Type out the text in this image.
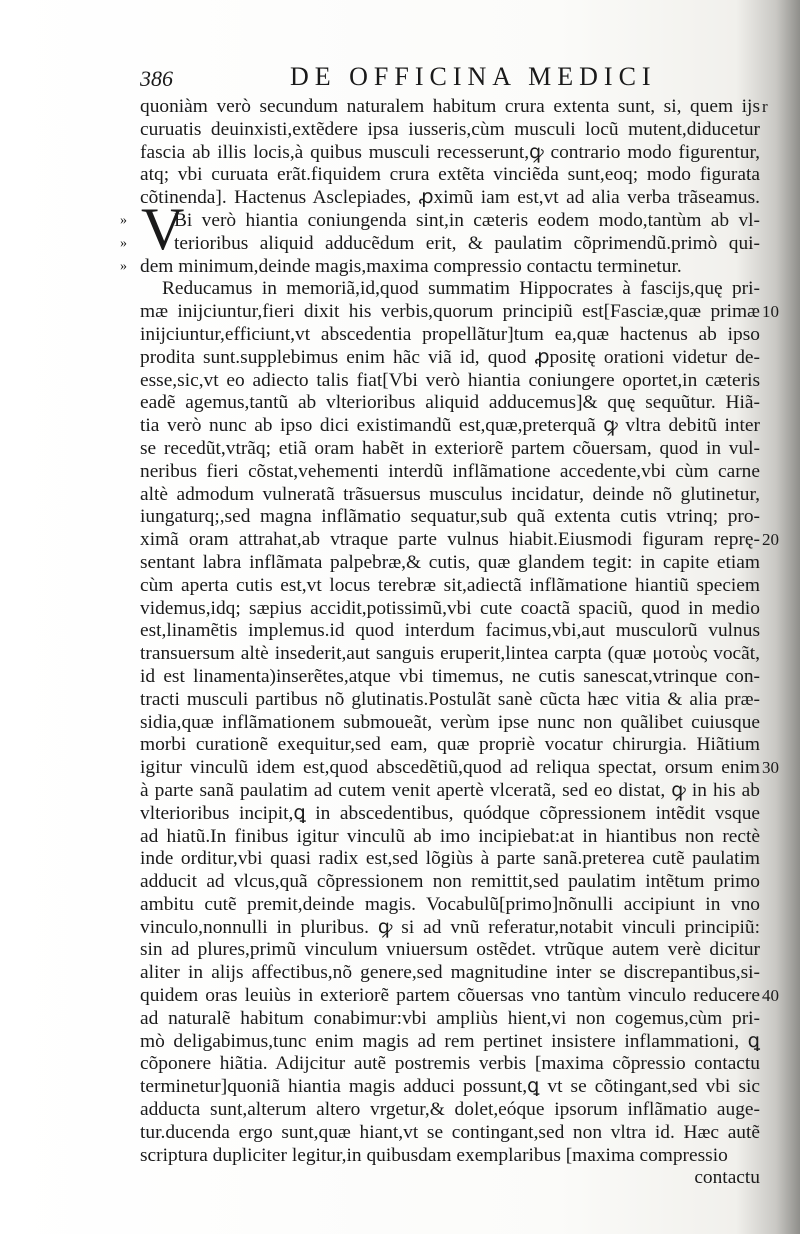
386	DE OFFICINA MEDICI
V
quoniàm verò secundum naturalem habitum crura extenta sunt, si, quem ijs r
curuatis deuinxisti,extẽdere ipsa iusseris,cùm musculi locũ mutent,diducetur
fascia ab illis locis,à quibus musculi recesserunt,ꝙ contrario modo figurentur,
atq; vbi curuata erãt.fiquidem crura extẽta vinciẽda sunt,eoq; modo figurata
cõtinenda]. Hactenus Asclepiades, ꝓximũ iam est,vt ad alia verba trãseamus.
Bi verò hiantia coniungenda sint,in cæteris eodem modo,tantùm ab vl-
»
terioribus aliquid adducẽdum erit, & paulatim cõprimendũ.primò qui-
»
dem minimum,deinde magis,maxima compressio contactu terminetur.
»
Reducamus in memoriã,id,quod summatim Hippocrates à fascijs,quę pri-
mæ inijciuntur,fieri dixit his verbis,quorum principiũ est[Fasciæ,quæ primæ 10
inijciuntur,efficiunt,vt abscedentia propellãtur]tum ea,quæ hactenus ab ipso
prodita sunt.supplebimus enim hãc viã id, quod ꝓpositę orationi videtur de-
esse,sic,vt eo adiecto talis fiat[Vbi verò hiantia coniungere oportet,in cæteris
eadẽ agemus,tantũ ab vlterioribus aliquid adducemus]& quę sequũtur. Hiã-
tia verò nunc ab ipso dici existimandũ est,quæ,preterquã ꝙ vltra debitũ inter
se recedũt,vtrãq; etiã oram habẽt in exteriorẽ partem cõuersam, quod in vul-
neribus fieri cõstat,vehementi interdũ inflãmatione accedente,vbi cùm carne
altè admodum vulneratã trãsuersus musculus incidatur, deinde nõ glutinetur,
iungaturq;,sed magna inflãmatio sequatur,sub quã extenta cutis vtrinq; pro-
ximã oram attrahat,ab vtraque parte vulnus hiabit.Eiusmodi figuram reprę- 20
sentant labra inflãmata palpebræ,& cutis, quæ glandem tegit: in capite etiam
cùm aperta cutis est,vt locus terebræ sit,adiectã inflãmatione hiantiũ speciem
videmus,idq; sæpius accidit,potissimũ,vbi cute coactã spaciũ, quod in medio
est,linamẽtis implemus.id quod interdum facimus,vbi,aut musculorũ vulnus
transuersum altè insederit,aut sanguis eruperit,lintea carpta (quæ μοτοὺς vocãt,
id est linamenta)inserẽtes,atque vbi timemus, ne cutis sanescat,vtrinque con-
tracti musculi partibus nõ glutinatis.Postulãt sanè cũcta hæc vitia & alia præ-
sidia,quæ inflãmationem submoueãt, verùm ipse nunc non quãlibet cuiusque
morbi curationẽ exequitur,sed eam, quæ propriè vocatur chirurgia. Hiãtium
igitur vinculũ idem est,quod abscedẽtiũ,quod ad reliqua spectat, orsum enim 30
à parte sanã paulatim ad cutem venit apertè vlceratã, sed eo distat, ꝙ in his ab
vlterioribus incipit,ꝗ in abscedentibus, quódque cõpressionem intẽdit vsque
ad hiatũ.In finibus igitur vinculũ ab imo incipiebat:at in hiantibus non rectè
inde orditur,vbi quasi radix est,sed lõgiùs à parte sanã.preterea cutẽ paulatim
adducit ad vlcus,quã cõpressionem non remittit,sed paulatim intẽtum primo
ambitu cutẽ premit,deinde magis. Vocabulũ[primo]nõnulli accipiunt in vno
vinculo,nonnulli in pluribus. ꝙ si ad vnũ referatur,notabit vinculi principiũ:
sin ad plures,primũ vinculum vniuersum ostẽdet. vtrũque autem verè dicitur
aliter in alijs affectibus,nõ genere,sed magnitudine inter se discrepantibus,si-
quidem oras leuiùs in exteriorẽ partem cõuersas vno tantùm vinculo reducere 40
ad naturalẽ habitum conabimur:vbi ampliùs hient,vi non cogemus,cùm pri-
mò deligabimus,tunc enim magis ad rem pertinet insistere inflammationi, ꝗ
cõponere hiãtia. Adijcitur autẽ postremis verbis [maxima cõpressio contactu
terminetur]quoniã hiantia magis adduci possunt,ꝗ vt se cõtingant,sed vbi sic
adducta sunt,alterum altero vrgetur,& dolet,eóque ipsorum inflãmatio auge-
tur.ducenda ergo sunt,quæ hiant,vt se contingant,sed non vltra id. Hæc autẽ
scriptura dupliciter legitur,in quibusdam exemplaribus [maxima compressio
contactu
